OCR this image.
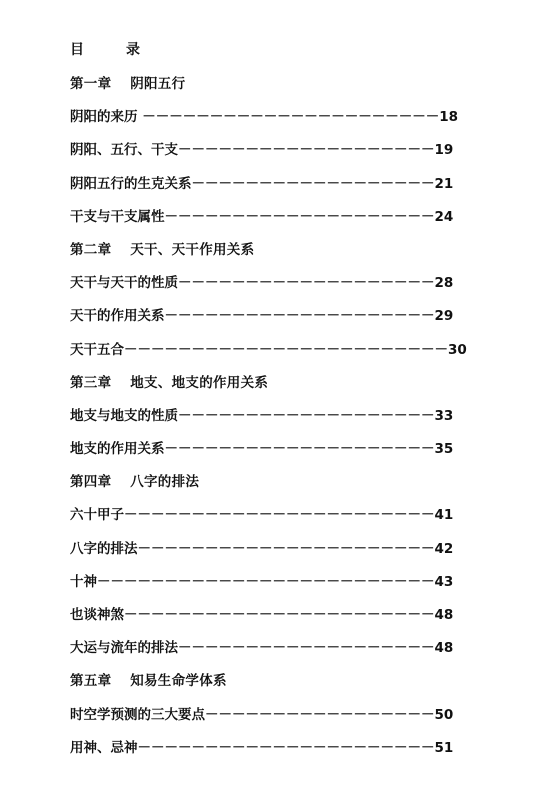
目　　　录
第一章　 阴阳五行
阴阳的来历 －－－－－－－－－－－－－－－－－－－－－－18
阴阳、五行、干支－－－－－－－－－－－－－－－－－－－19
阴阳五行的生克关系－－－－－－－－－－－－－－－－－－21
干支与干支属性－－－－－－－－－－－－－－－－－－－－24
第二章　 天干、天干作用关系
天干与天干的性质－－－－－－－－－－－－－－－－－－－28
天干的作用关系－－－－－－－－－－－－－－－－－－－－29
天干五合－－－－－－－－－－－－－－－－－－－－－－－－30
第三章　 地支、地支的作用关系
地支与地支的性质－－－－－－－－－－－－－－－－－－－33
地支的作用关系－－－－－－－－－－－－－－－－－－－－35
第四章　 八字的排法
六十甲子－－－－－－－－－－－－－－－－－－－－－－－41
八字的排法－－－－－－－－－－－－－－－－－－－－－－42
十神－－－－－－－－－－－－－－－－－－－－－－－－－43
也谈神煞－－－－－－－－－－－－－－－－－－－－－－－48
大运与流年的排法－－－－－－－－－－－－－－－－－－－48
第五章　 知易生命学体系
时空学预测的三大要点－－－－－－－－－－－－－－－－－50
用神、忌神－－－－－－－－－－－－－－－－－－－－－－51
